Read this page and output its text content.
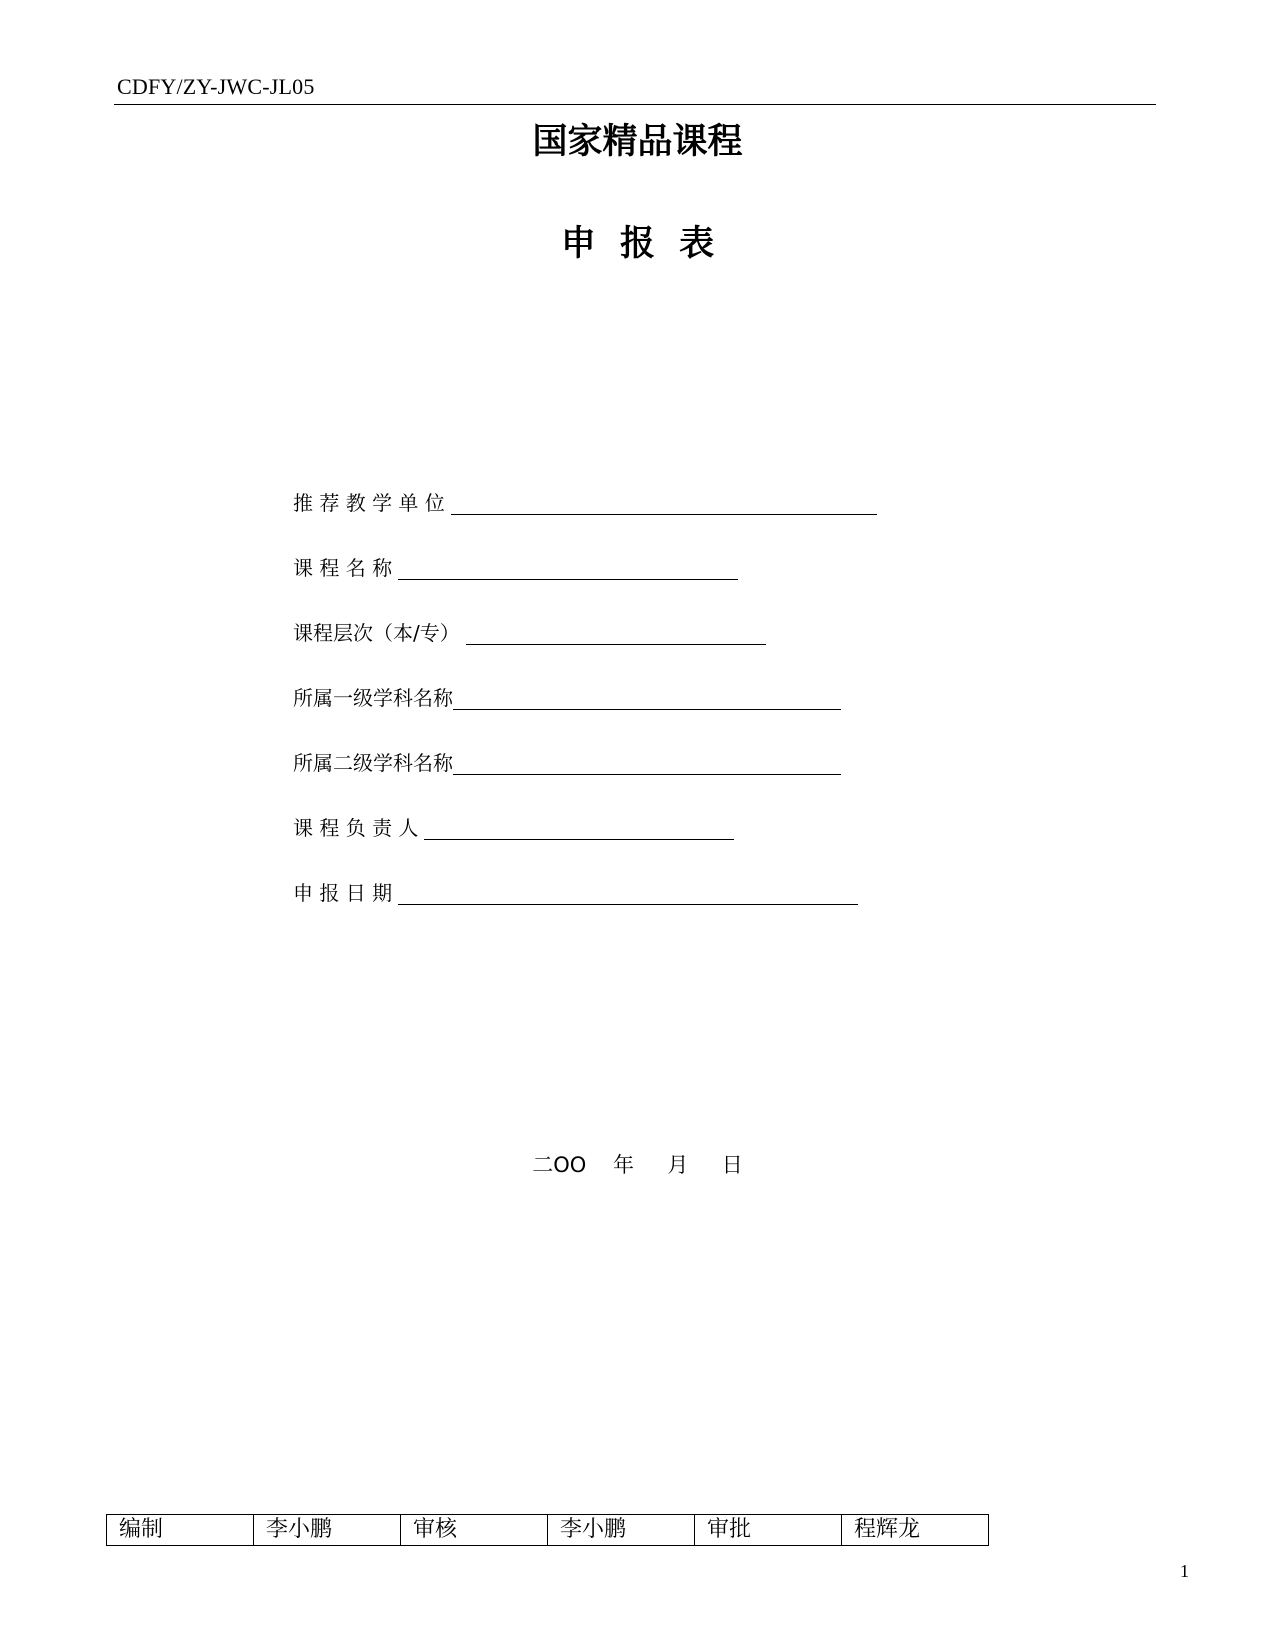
CDFY/ZY-JWC-JL05
国家精品课程
申 报 表
推 荐 教 学 单 位
课 程 名 称
课程层次（本/专）
所属一级学科名称
所属二级学科名称
课 程 负 责 人
申 报 日 期
二OO    年     月     日
编制	李小鹏	审核	李小鹏	审批	程辉龙
1
